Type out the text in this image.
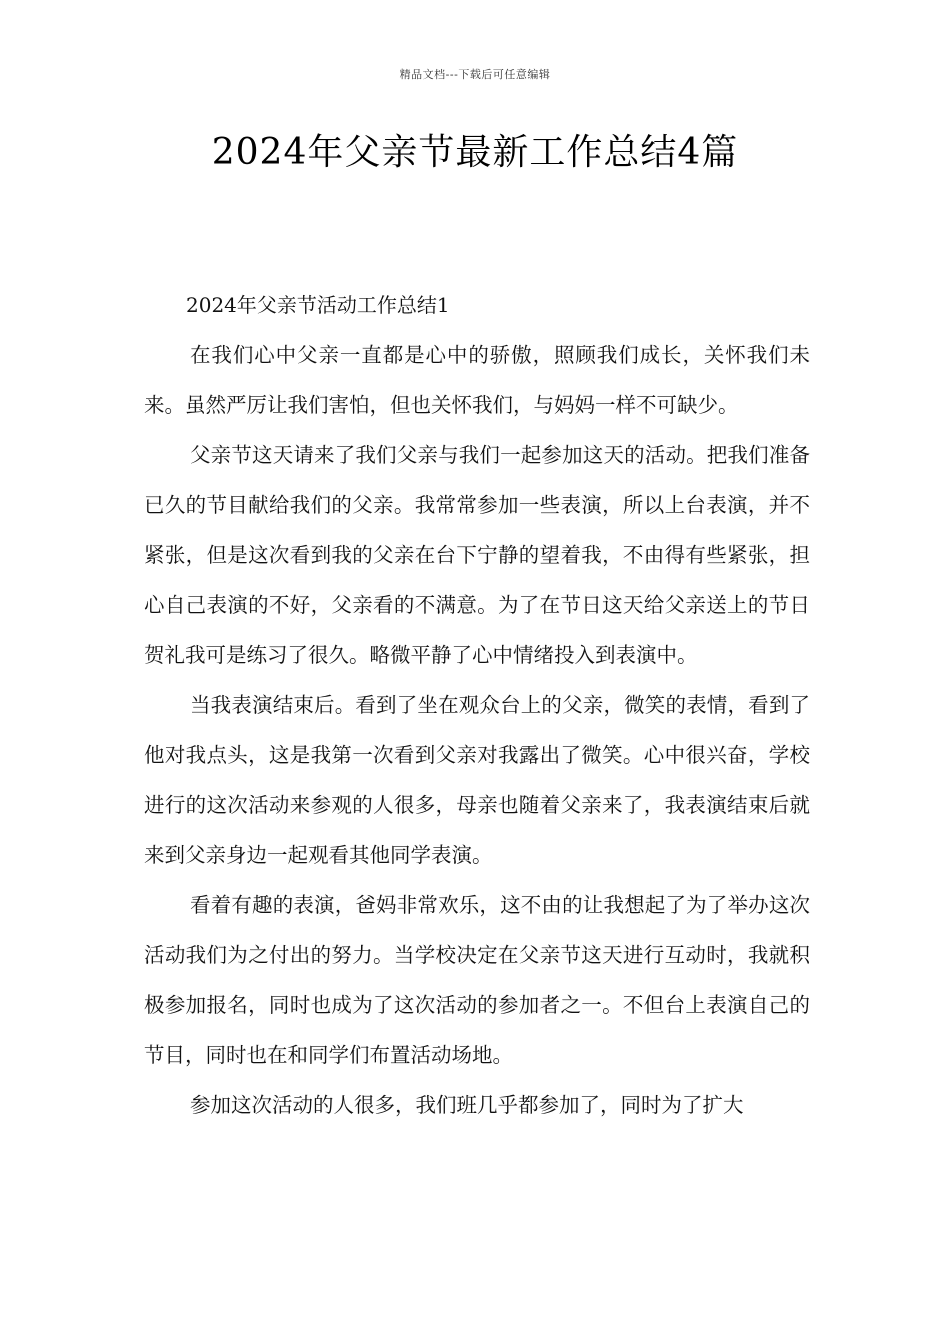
精品文档---下载后可任意编辑
2024年父亲节最新工作总结4篇

2024年父亲节活动工作总结1

在我们心中父亲一直都是心中的骄傲，照顾我们成长，关怀我们未来。虽然严厉让我们害怕，但也关怀我们，与妈妈一样不可缺少。

父亲节这天请来了我们父亲与我们一起参加这天的活动。把我们准备已久的节目献给我们的父亲。我常常参加一些表演，所以上台表演，并不紧张，但是这次看到我的父亲在台下宁静的望着我，不由得有些紧张，担心自己表演的不好，父亲看的不满意。为了在节日这天给父亲送上的节日贺礼我可是练习了很久。略微平静了心中情绪投入到表演中。

当我表演结束后。看到了坐在观众台上的父亲，微笑的表情，看到了他对我点头，这是我第一次看到父亲对我露出了微笑。心中很兴奋，学校进行的这次活动来参观的人很多，母亲也随着父亲来了，我表演结束后就来到父亲身边一起观看其他同学表演。

看着有趣的表演，爸妈非常欢乐，这不由的让我想起了为了举办这次活动我们为之付出的努力。当学校决定在父亲节这天进行互动时，我就积极参加报名，同时也成为了这次活动的参加者之一。不但台上表演自己的节目，同时也在和同学们布置活动场地。

参加这次活动的人很多，我们班几乎都参加了，同时为了扩大
